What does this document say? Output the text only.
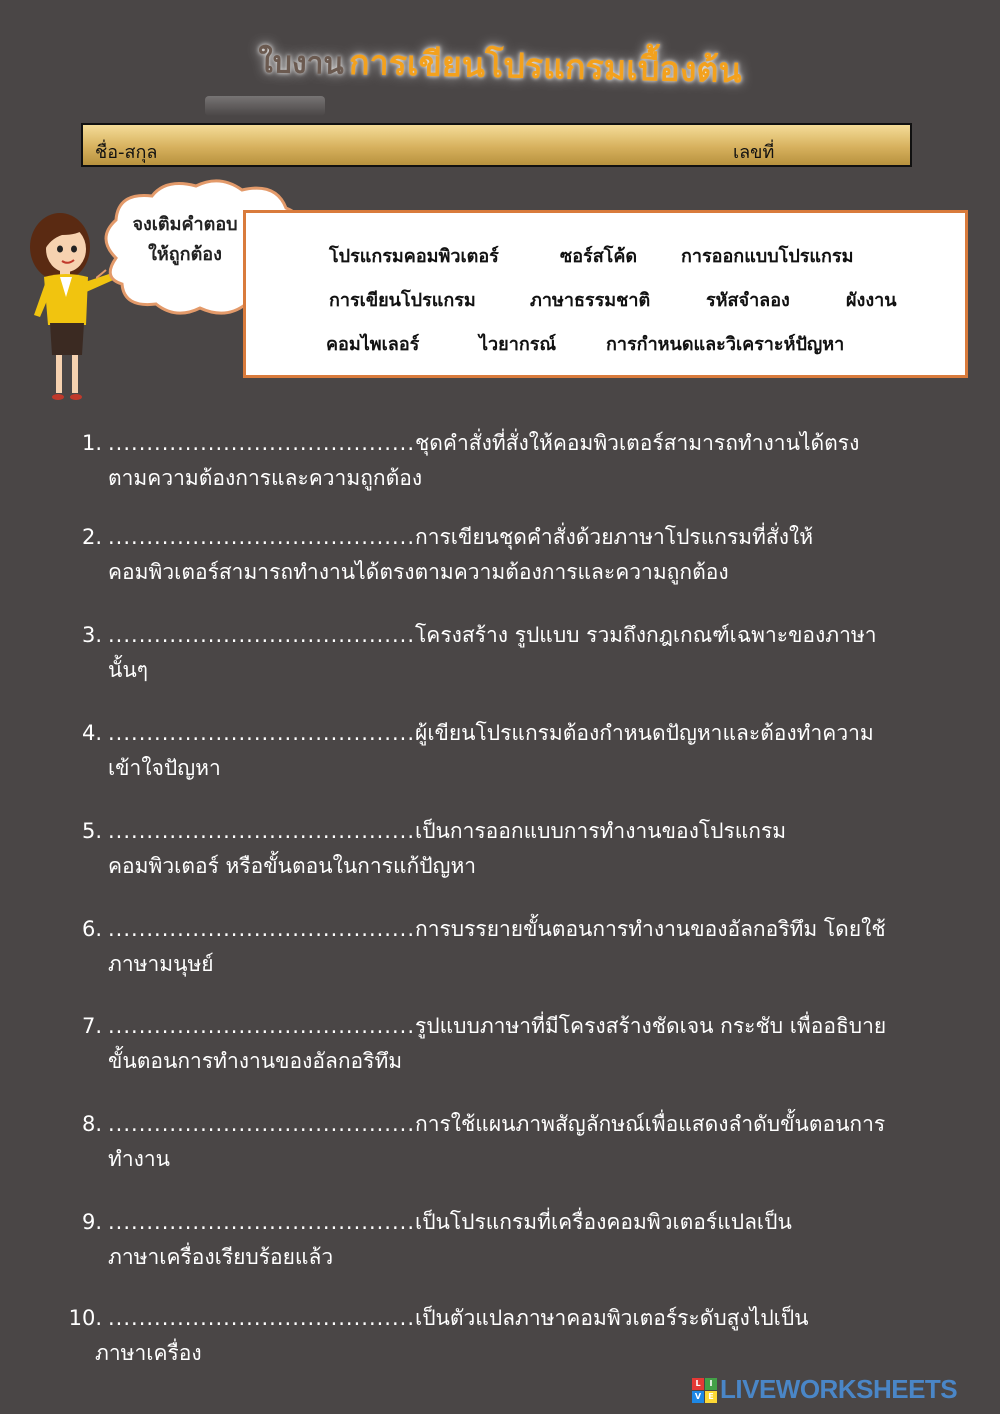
ใบงาน การเขียนโปรแกรมเบื้องต้น
ชื่อ-สกุล	เลขที่
จงเติมคำตอบ
ให้ถูกต้อง	โปรแกรมคอมพิวเตอร์	ซอร์สโค้ด การออกแบบโปรแกรม
การเขียนโปรแกรม	ภาษาธรรมชาติ	รหัสจำลอง	ผังงาน
คอมไพเลอร์	ไวยากรณ์	การกำหนดและวิเคราะห์ปัญหา
1. ........................................ชุดคำสั่งที่สั่งให้คอมพิวเตอร์สามารถทำงานได้ตรง
ตามความต้องการและความถูกต้อง
2. ........................................การเขียนชุดคำสั่งด้วยภาษาโปรแกรมที่สั่งให้
คอมพิวเตอร์สามารถทำงานได้ตรงตามความต้องการและความถูกต้อง
3. ........................................โครงสร้าง รูปแบบ รวมถึงกฎเกณฑ์เฉพาะของภาษา
นั้นๆ
4. ........................................ผู้เขียนโปรแกรมต้องกำหนดปัญหาและต้องทำความ
เข้าใจปัญหา
5. ........................................เป็นการออกแบบการทำงานของโปรแกรม
คอมพิวเตอร์ หรือขั้นตอนในการแก้ปัญหา
6. ........................................การบรรยายขั้นตอนการทำงานของอัลกอริทึม โดยใช้
ภาษามนุษย์
7. ........................................รูปแบบภาษาที่มีโครงสร้างชัดเจน กระชับ เพื่ออธิบาย
ขั้นตอนการทำงานของอัลกอริทึม
8. ........................................การใช้แผนภาพสัญลักษณ์เพื่อแสดงลำดับขั้นตอนการ
ทำงาน
9. ........................................เป็นโปรแกรมที่เครื่องคอมพิวเตอร์แปลเป็น
ภาษาเครื่องเรียบร้อยแล้ว
10. ........................................เป็นตัวแปลภาษาคอมพิวเตอร์ระดับสูงไปเป็น
ภาษาเครื่อง
L	I
V E LIVEWORKSHEETS
